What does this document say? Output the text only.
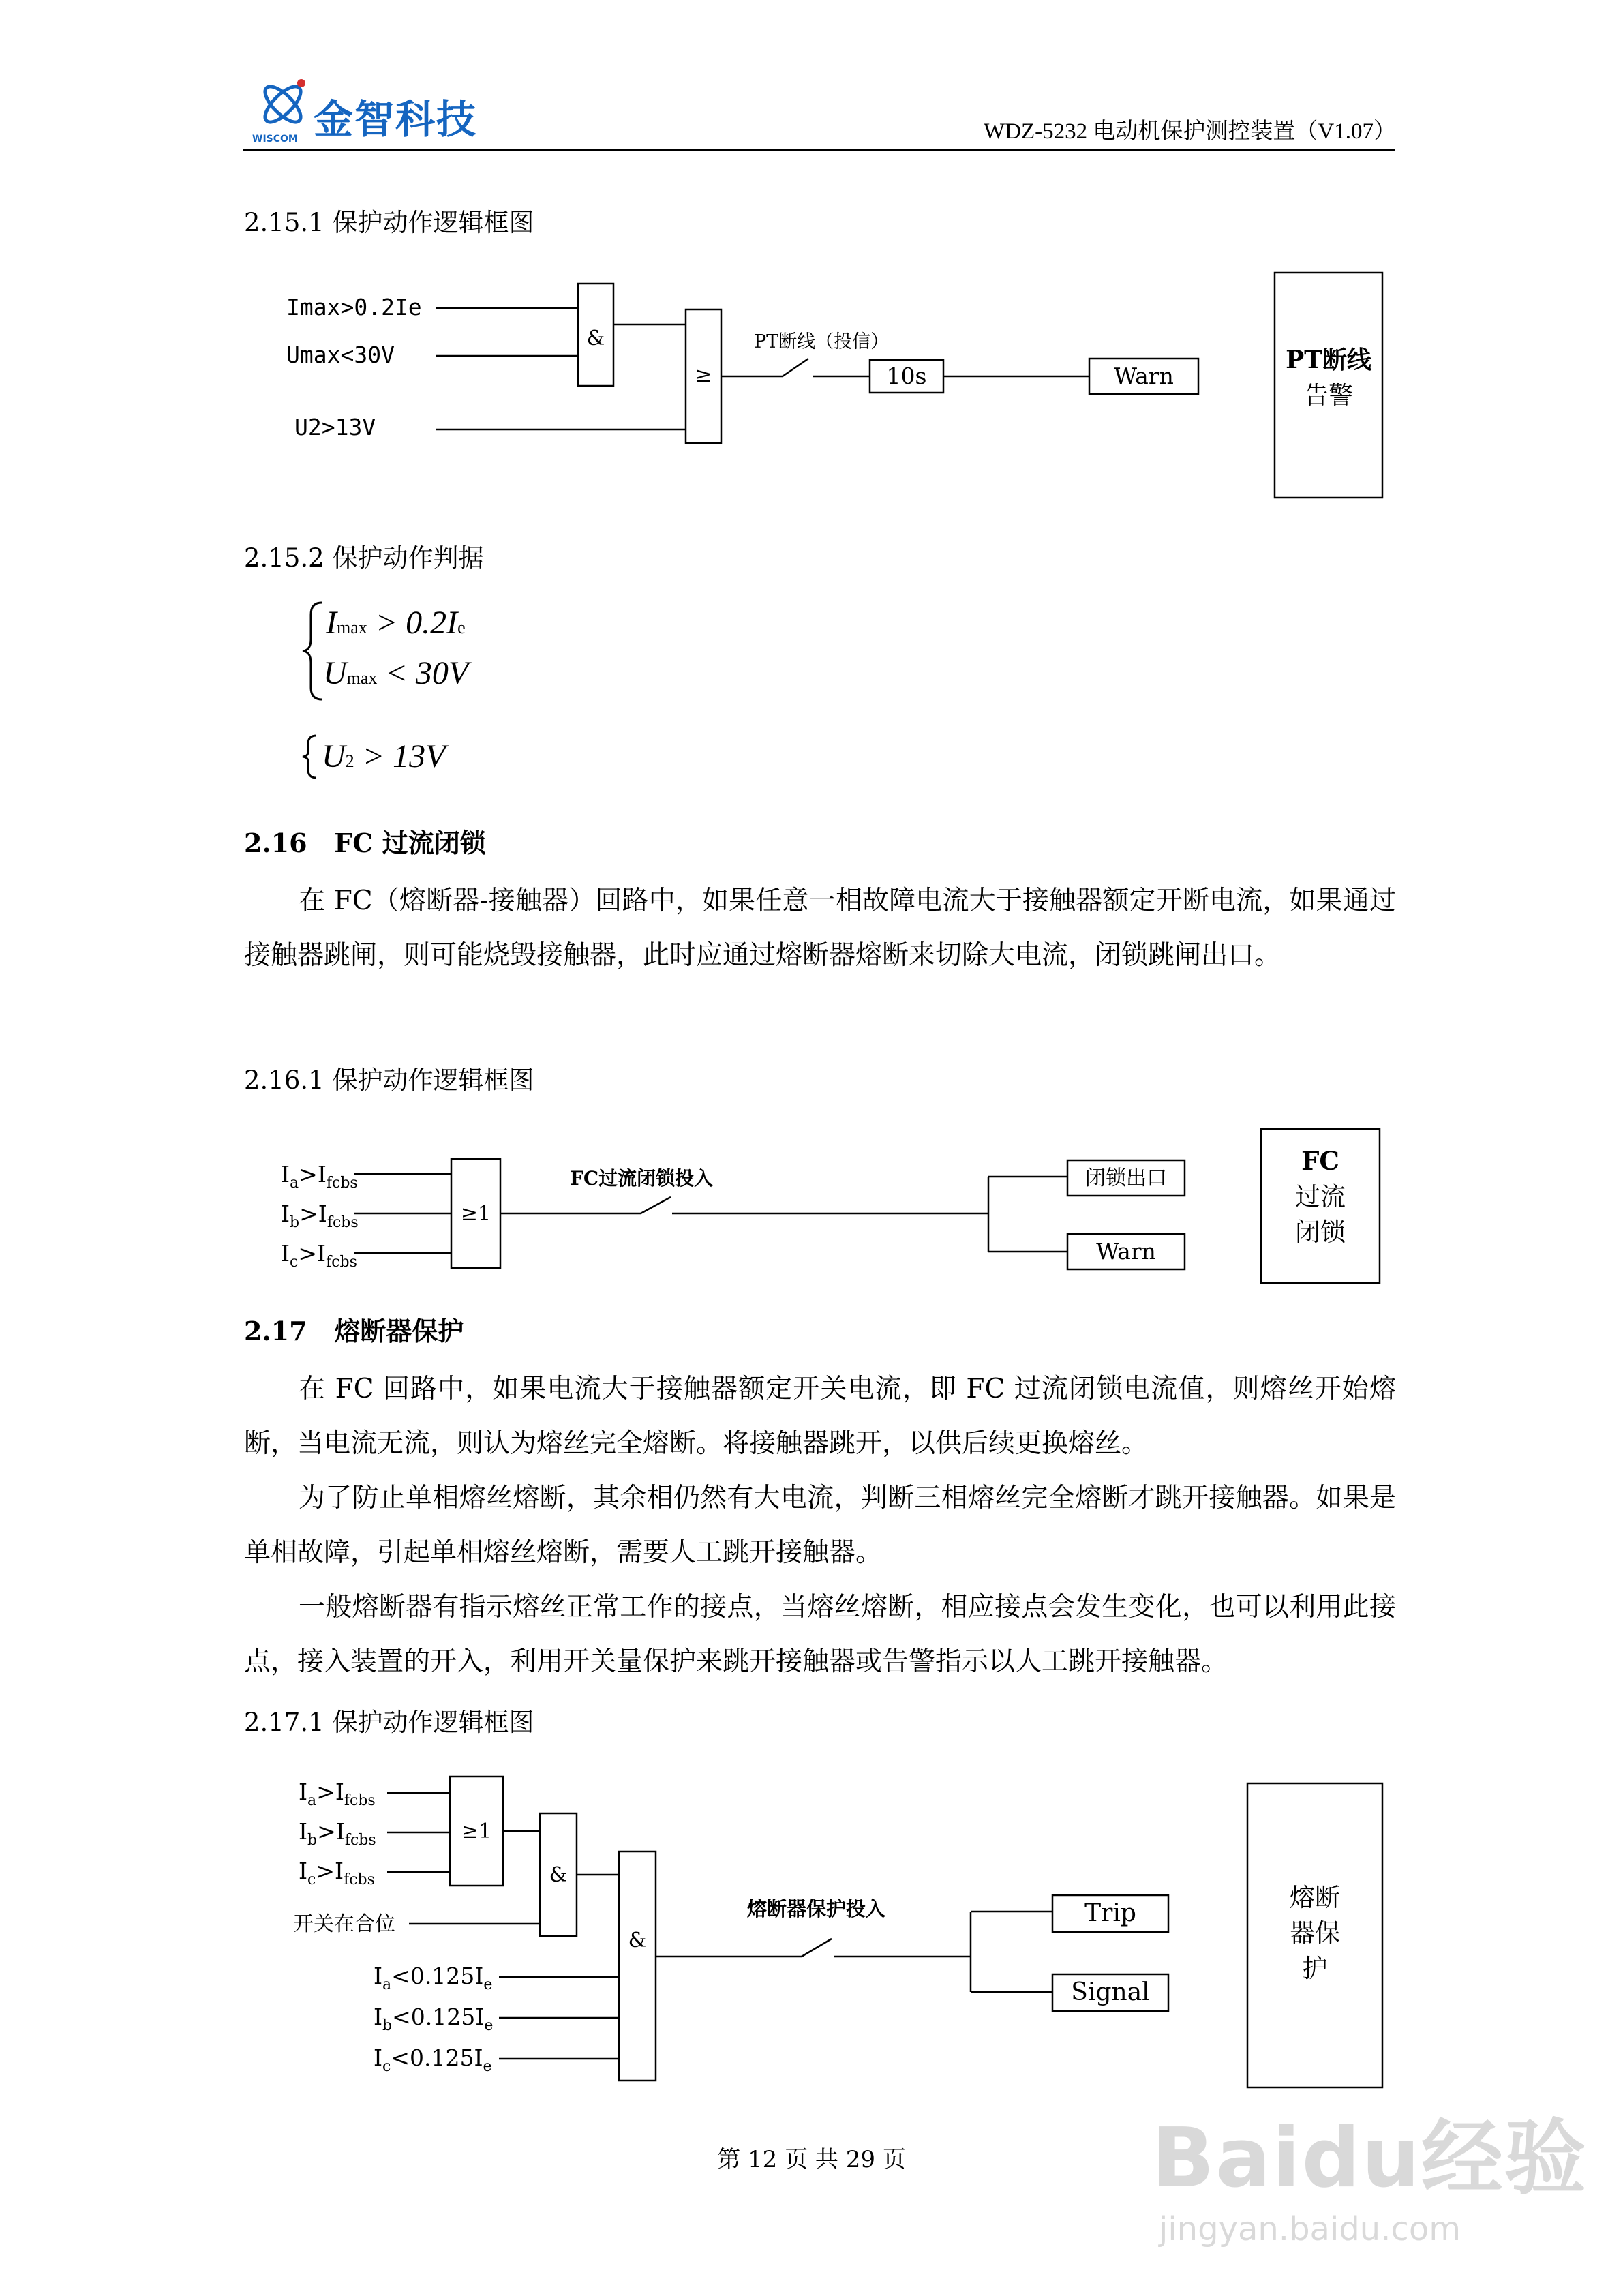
金智科技
WISCOM	WDZ-5232 电动机保护测控装置（V1.07）
2.15.1 保护动作逻辑框图
Imax>0.2Ie
Umax<30V
U2>13V
&
≥
PT断线（投信）
10s	Warn
PT断线
告警
2.15.2 保护动作判据
Imax > 0.2Ie
Umax < 30V
U2 > 13V
2.16 FC 过流闭锁

在 FC（熔断器-接触器）回路中，如果任意一相故障电流大于接触器额定开断电流，如果通过接触器跳闸，则可能烧毁接触器，此时应通过熔断器熔断来切除大电流，闭锁跳闸出口。

2.16.1 保护动作逻辑框图
$I_a>I_{fcbs}$
$I_b>I_{fcbs}$
$I_c>I_{fcbs}$
≥1
FC过流闭锁投入	闭锁出口
Warn
FC
过流
闭锁
2.17 熔断器保护

在 FC 回路中，如果电流大于接触器额定开关电流，即 FC 过流闭锁电流值，则熔丝开始熔断，当电流无流，则认为熔丝完全熔断。将接触器跳开，以供后续更换熔丝。

为了防止单相熔丝熔断，其余相仍然有大电流，判断三相熔丝完全熔断才跳开接触器。如果是单相故障，引起单相熔丝熔断，需要人工跳开接触器。

一般熔断器有指示熔丝正常工作的接点，当熔丝熔断，相应接点会发生变化，也可以利用此接点，接入装置的开入，利用开关量保护来跳开接触器或告警指示以人工跳开接触器。

2.17.1 保护动作逻辑框图
$I_a>I_{fcbs}$
$I_b>I_{fcbs}$
$I_c>I_{fcbs}$
开关在合位
$I_a<0.125I_e$
$I_b<0.125I_e$
$I_c<0.125I_e$
≥1
&
&
熔断器保护投入	Trip
Signal
熔断
器保
护
第 12 页 共 29 页	Baidu经验
jingyan.baidu.com
